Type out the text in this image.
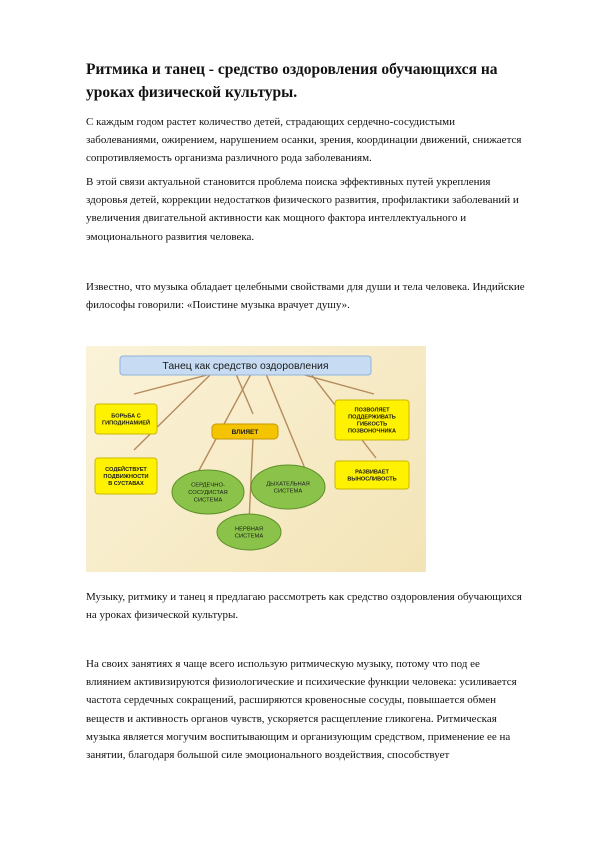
Ритмика и танец - средство оздоровления обучающихся на уроках физической культуры.

С каждым годом растет количество детей, страдающих сердечно-сосудистыми заболеваниями, ожирением, нарушением осанки, зрения, координации движений, снижается сопротивляемость организма различного рода заболеваниям.

В этой связи актуальной становится проблема поиска эффективных путей укрепления здоровья детей, коррекции недостатков физического развития, профилактики заболеваний и увеличения двигательной активности как мощного фактора интеллектуального и эмоционального развития человека.

Известно, что музыка обладает целебными свойствами для души и тела человека. Индийские философы говорили: «Поистине музыка врачует душу».

Танец как средство оздоровления
ВЛИЯЕТ
БОРЬБА С
ГИПОДИНАМИЕЙ
СОДЕЙСТВУЕТ
ПОДВИЖНОСТИ
В СУСТАВАХ
ПОЗВОЛЯЕТ
ПОДДЕРЖИВАТЬ
ГИБКОСТЬ
ПОЗВОНОЧНИКА
РАЗВИВАЕТ
ВЫНОСЛИВОСТЬ
СЕРДЕЧНО-
СОСУДИСТАЯ
СИСТЕМА
ДЫХАТЕЛЬНАЯ
СИСТЕМА
НЕРВНАЯ
СИСТЕМА

Музыку, ритмику и танец я предлагаю рассмотреть как средство оздоровления обучающихся на уроках физической культуры.

На своих занятиях я чаще всего использую ритмическую музыку, потому что под ее влиянием активизируются физиологические и психические функции человека: усиливается частота сердечных сокращений, расширяются кровеносные сосуды, повышается обмен веществ и активность органов чувств, ускоряется расщепление гликогена. Ритмическая музыка является могучим воспитывающим и организующим средством, применение ее на занятии, благодаря большой силе эмоционального воздействия, способствует
